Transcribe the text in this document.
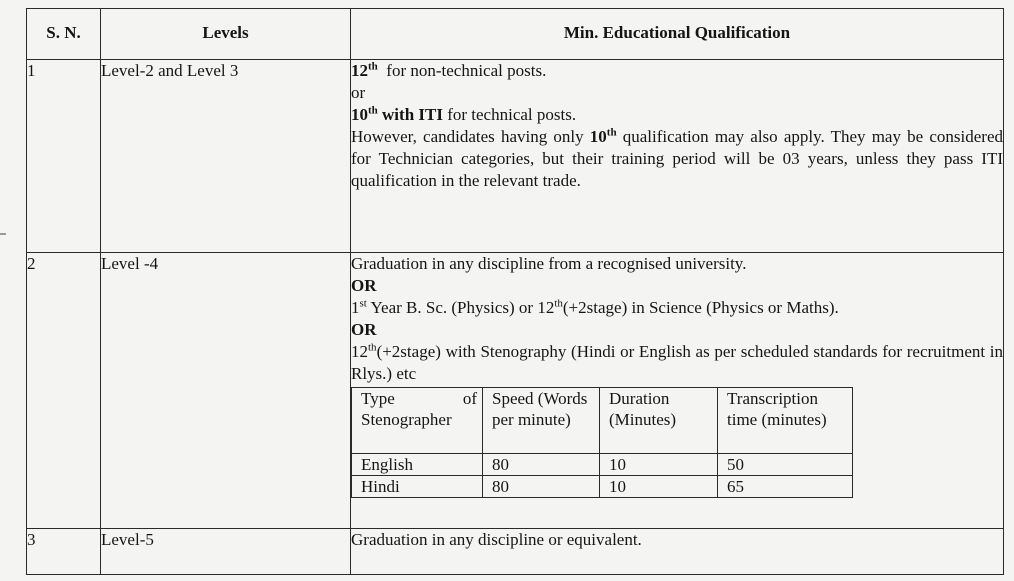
S. N.	Levels	Min. Educational Qualification
1	Level-2 and Level 3	12th for non-technical posts.
or
10th with ITI for technical posts.
However, candidates having only 10th qualification may also apply. They may be considered for Technician categories, but their training period will be 03 years, unless they pass ITI qualification in the relevant trade.

2	Level -4	Graduation in any discipline from a recognised university.
OR
1st Year B. Sc. (Physics) or 12th(+2stage) in Science (Physics or Maths).
OR
12th(+2stage) with Stenography (Hindi or English as per scheduled standards for recruitment in Rlys.) etc
Type of Stenographer	Speed (Words per minute)	Duration (Minutes)	Transcription time (minutes)
English	80	10	50
Hindi	80	10	65

3	Level-5	Graduation in any discipline or equivalent.
